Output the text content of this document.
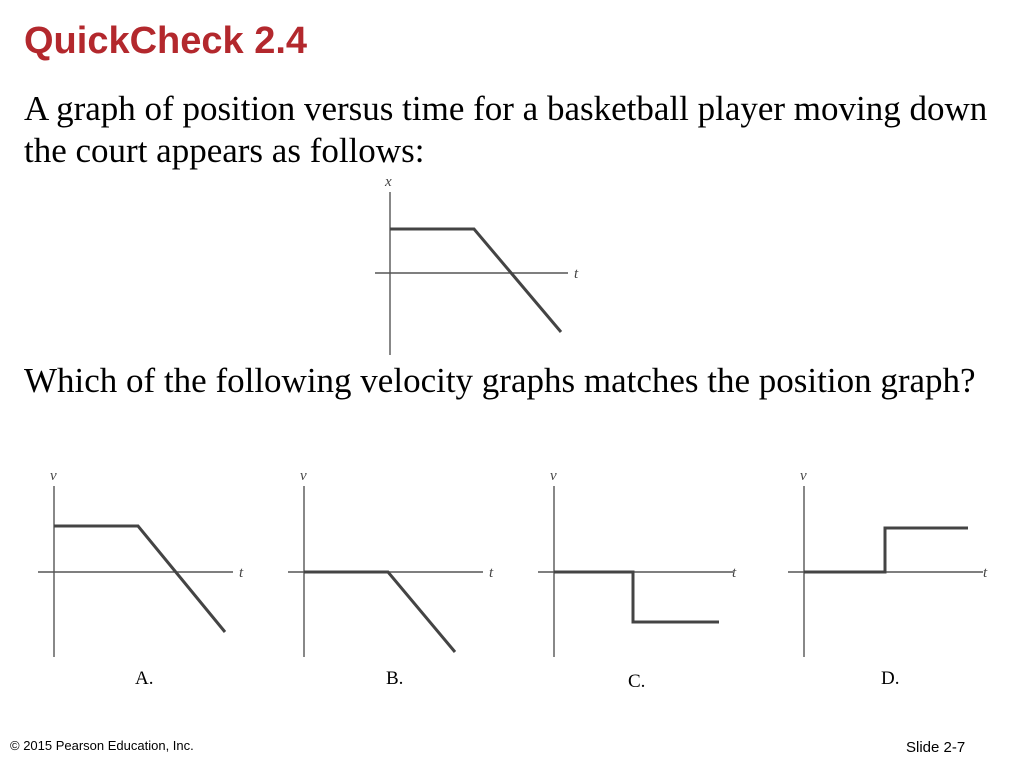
QuickCheck 2.4

A graph of position versus time for a basketball player moving down the court appears as follows:

x
t

Which of the following velocity graphs matches the position graph?

v
t
v
t
v
t
v
t
A.	B.	C.	D.
© 2015 Pearson Education, Inc.	Slide 2-7
